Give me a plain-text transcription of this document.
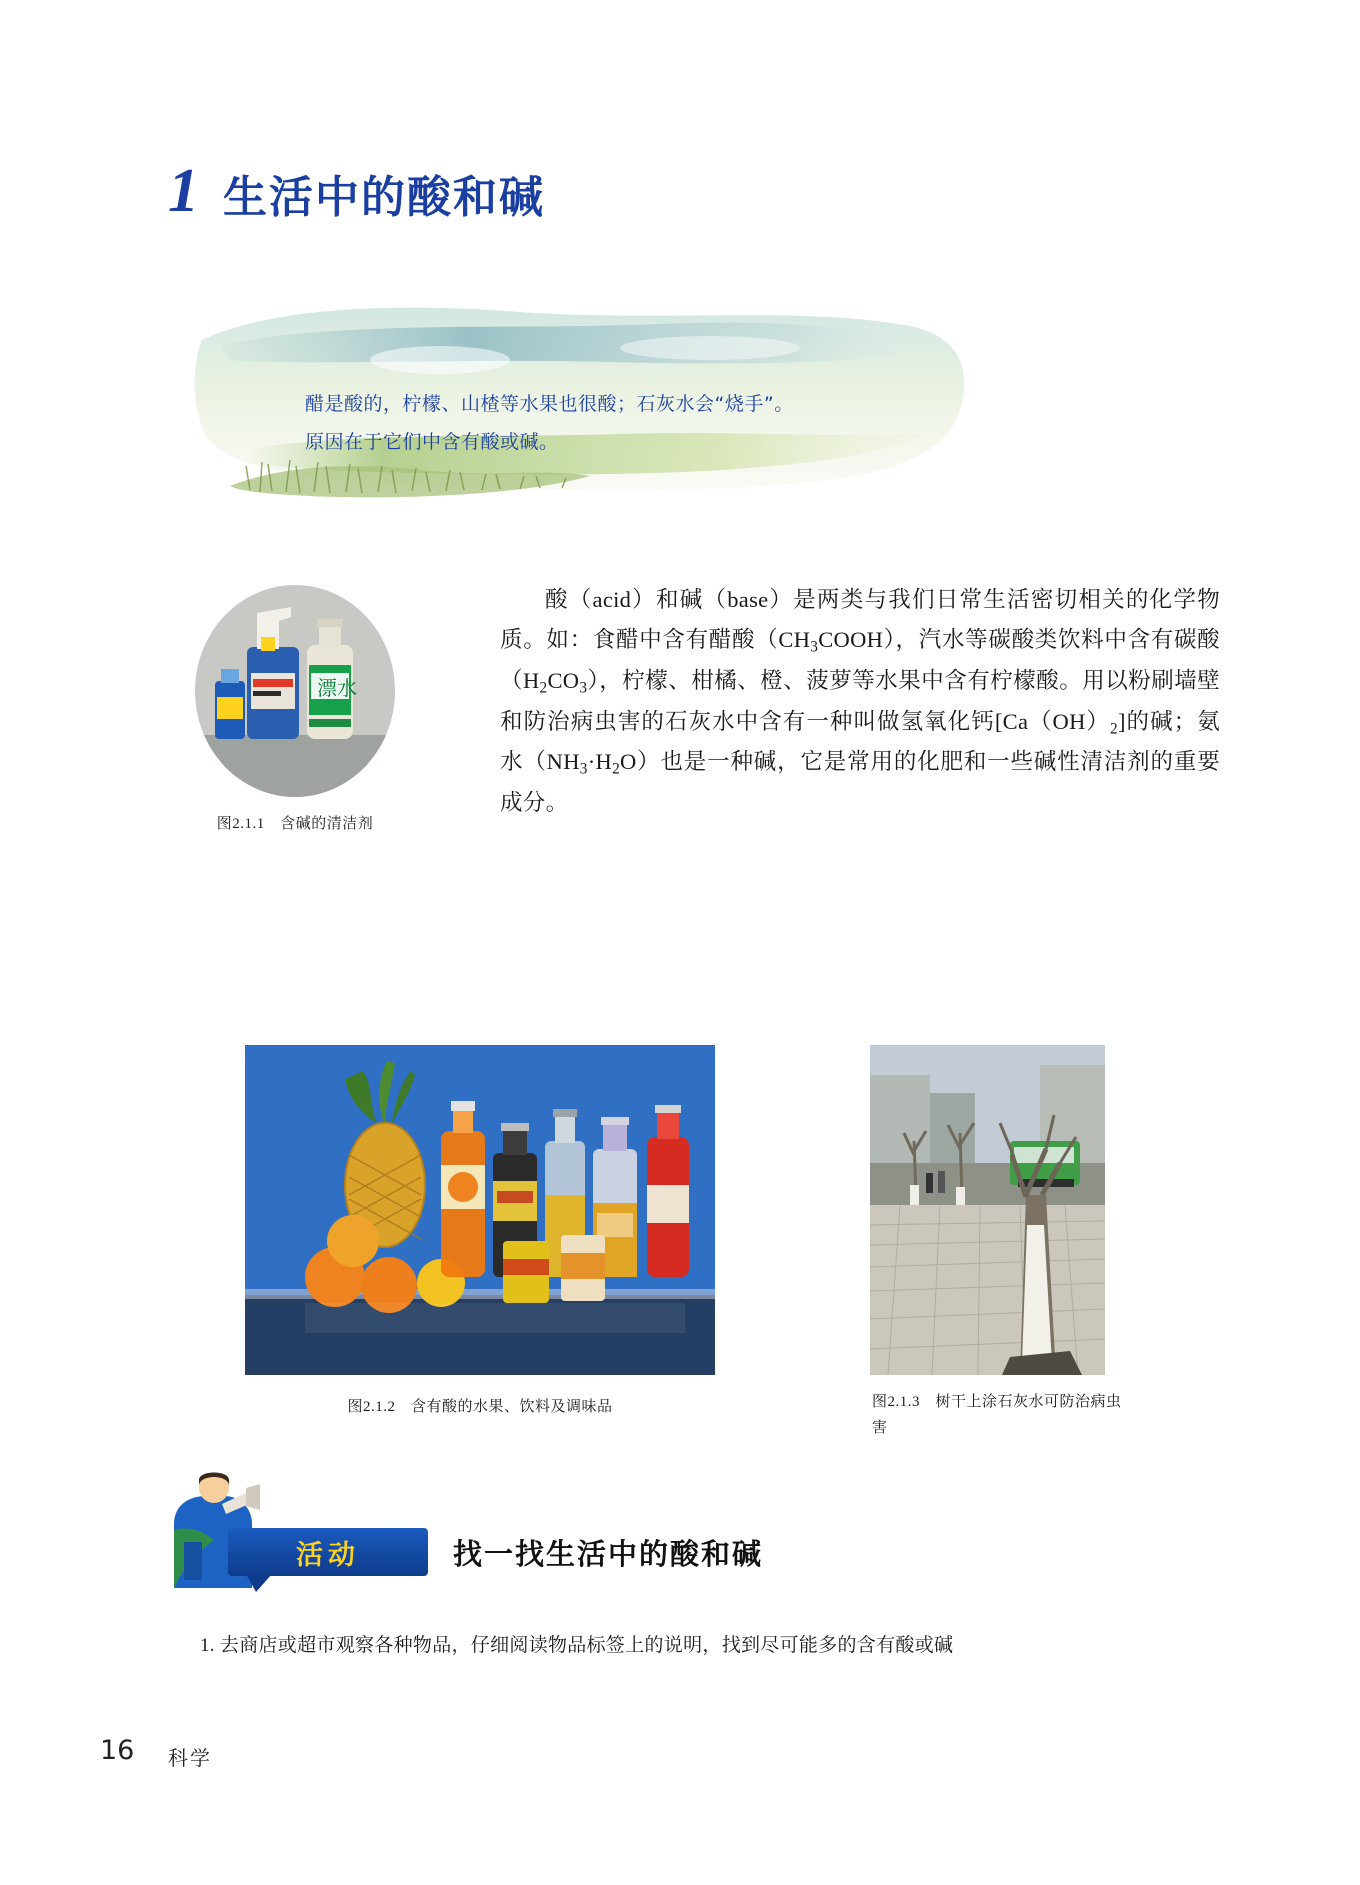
1 生活中的酸和碱
醋是酸的，柠檬、山楂等水果也很酸；石灰水会“烧手”。
原因在于它们中含有酸或碱。
漂水
图2.1.1　含碱的清洁剂
酸（acid）和碱（base）是两类与我们日常生活密切相关的化学物质。如：食醋中含有醋酸$(CH_3COOH)$，汽水等碳酸类饮料中含有碳酸$(H_2CO_3)$，柠檬、柑橘、橙、菠萝等水果中含有柠檬酸。用以粉刷墙壁和防治病虫害的石灰水中含有一种叫做氢氧化钙$[Ca(OH)_2]$的碱；氨水$(NH_3\cdot H_2O)$也是一种碱，它是常用的化肥和一些碱性清洁剂的重要成分。
图2.1.2　含有酸的水果、饮料及调味品	图2.1.3　树干上涂石灰水可防治病虫害
活动	找一找生活中的酸和碱
1. 去商店或超市观察各种物品，仔细阅读物品标签上的说明，找到尽可能多的含有酸或碱
16 科学
